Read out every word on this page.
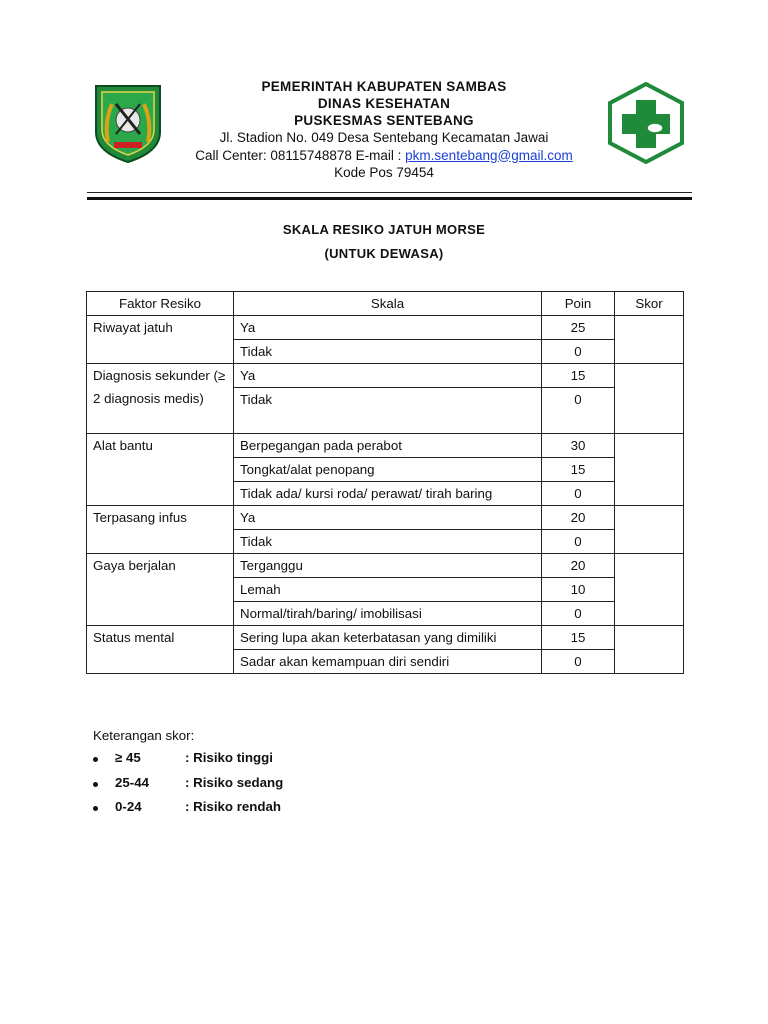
PEMERINTAH KABUPATEN SAMBAS
DINAS KESEHATAN
PUSKESMAS SENTEBANG
Jl. Stadion No. 049 Desa Sentebang Kecamatan Jawai
Call Center: 08115748878 E-mail : pkm.sentebang@gmail.com
Kode Pos 79454
SKALA RESIKO JATUH MORSE
(UNTUK DEWASA)
Faktor Resiko	Skala	Poin	Skor
Riwayat jatuh	Ya	25	
	Tidak	0	
Diagnosis sekunder (≥ 2 diagnosis medis)	Ya	15	
	Tidak	0	
Alat bantu	Berpegangan pada perabot	30	
	Tongkat/alat penopang	15	
	Tidak ada/ kursi roda/ perawat/ tirah baring	0	
Terpasang infus	Ya	20	
	Tidak	0	
Gaya berjalan	Terganggu	20	
	Lemah	10	
	Normal/tirah/baring/ imobilisasi	0	
Status mental	Sering lupa akan keterbatasan yang dimiliki	15	
	Sadar akan kemampuan diri sendiri	0	
Keterangan skor:
≥ 45	: Risiko tinggi
25-44	: Risiko sedang
0-24	: Risiko rendah
